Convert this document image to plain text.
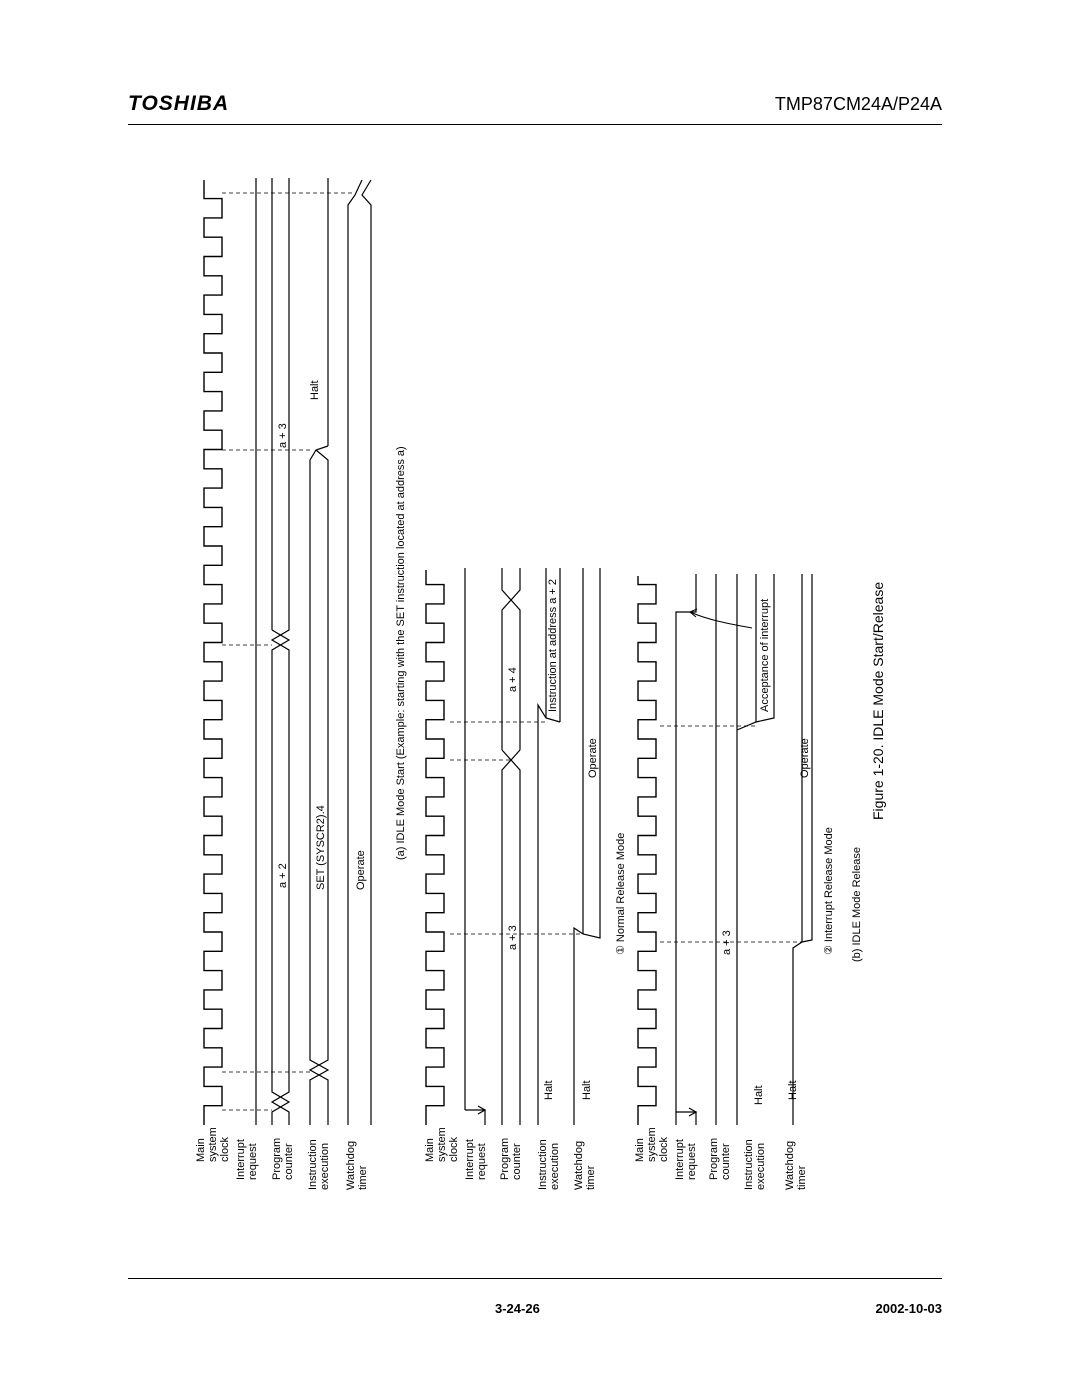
TOSHIBA	TMP87CM24A/P24A
Main system clock Interrupt request Program counter Instruction execution Watchdog timer
a + 2
a + 3
SET (SYSCR2).4
Halt
Operate
(a) IDLE Mode Start (Example: starting with the SET instruction located at address a)
Main system clock Interrupt request Program counter Instruction execution Watchdog timer
a + 3
a + 4
Halt
Instruction at address a + 2
Halt
Operate
① Normal Release Mode
Main system clock Interrupt request Program counter Instruction execution Watchdog timer
a + 3
Halt
Acceptance of interrupt
Halt
Operate
② Interrupt Release Mode (b) IDLE Mode Release
Figure 1-20. IDLE Mode Start/Release
3-24-26	2002-10-03
